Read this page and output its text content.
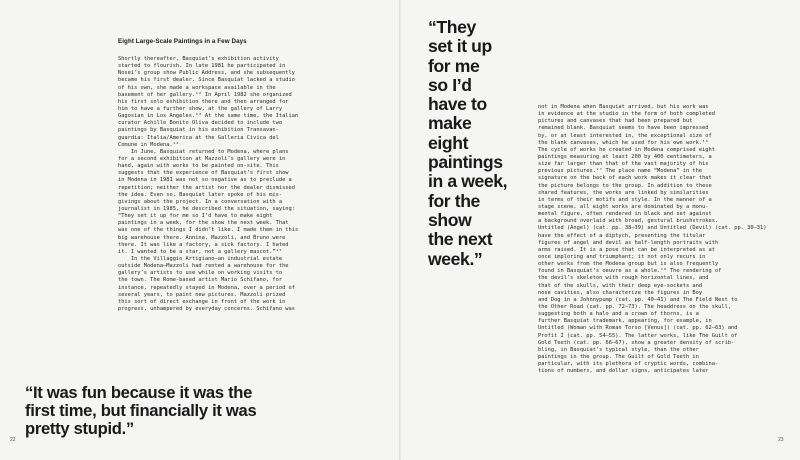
Eight Large-Scale Paintings in a Few Days
Shortly thereafter, Basquiat’s exhibition activity
started to flourish. In late 1981 he participated in
Nosei’s group show Public Address, and she subsequently
became his first dealer. Since Basquiat lacked a studio
of his own, she made a workspace available in the
basement of her gallery.¹² In April 1982 she organized
his first solo exhibition there and then arranged for
him to have a further show, at the gallery of Larry
Gagosian in Los Angeles.¹³ At the same time, the Italian
curator Achille Bonito Oliva decided to include two
paintings by Basquiat in his exhibition Transavan-
guardia: Italia/America at the Galleria Civica del
Comune in Modena.¹⁴
In June, Basquiat returned to Modena, where plans
for a second exhibition at Mazzoli’s gallery were in
hand, again with works to be painted on-site. This
suggests that the experience of Basquiat’s first show
in Modena in 1981 was not so negative as to preclude a
repetition; neither the artist nor the dealer dismissed
the idea. Even so, Basquiat later spoke of his mis-
givings about the project. In a conversation with a
journalist in 1985, he described the situation, saying:
“They set it up for me so I’d have to make eight
paintings in a week, for the show the next week. That
was one of the things I didn’t like. I made them in this
big warehouse there. Annina, Mazzoli, and Bruno were
there. It was like a factory, a sick factory. I hated
it. I wanted to be a star, not a gallery mascot.”¹⁵
In the Villaggio Artigiano—an industrial estate
outside Modena—Mazzoli had rented a warehouse for the
gallery’s artists to use while on working visits to
the town. The Rome-based artist Mario Schifano, for
instance, repeatedly stayed in Modena, over a period of
several years, to paint new pictures. Mazzoli prized
this sort of direct exchange in front of the work in
progress, unhampered by everyday concerns. Schifano was
“It was fun because it was the
first time, but financially it was
pretty stupid.”
22
“They
set it up
for me
so I’d
have to
make
eight
paintings
in a week,
for the
show
the next
week.”
not in Modena when Basquiat arrived, but his work was
in evidence at the studio in the form of both completed
pictures and canvases that had been prepared but
remained blank. Basquiat seems to have been impressed
by, or at least interested in, the exceptional size of
the blank canvases, which he used for his own work.¹⁶
The cycle of works he created in Modena comprised eight
paintings measuring at least 200 by 400 centimeters, a
size far larger than that of the vast majority of his
previous pictures.¹⁷ The place name “Modena” in the
signature on the back of each work makes it clear that
the picture belongs to the group. In addition to these
shared features, the works are linked by similarities
in terms of their motifs and style. In the manner of a
stage scene, all eight works are dominated by a monu-
mental figure, often rendered in black and set against
a background overlaid with broad, gestural brushstrokes.
Untitled (Angel) (cat. pp. 38–39) and Untitled (Devil) (cat. pp. 30–31)
have the effect of a diptych, presenting the titular
figures of angel and devil as half-length portraits with
arms raised. It is a pose that can be interpreted as at
once imploring and triumphant; it not only recurs in
other works from the Modena group but is also frequently
found in Basquiat’s oeuvre as a whole.¹⁸ The rendering of
the devil’s skeleton with rough horizontal lines, and
that of the skulls, with their deep eye-sockets and
nose cavities, also characterize the figures in Boy
and Dog in a Johnnypump (cat. pp. 40–41) and The Field Next to
the Other Road (cat. pp. 72–73). The headdress on the skull,
suggesting both a halo and a crown of thorns, is a
further Basquiat trademark, appearing, for example, in
Untitled (Woman with Roman Torso [Venus]) (cat. pp. 62–63) and
Profit I (cat. pp. 54–55). The latter works, like The Guilt of
Gold Teeth (cat. pp. 66–67), show a greater density of scrib-
bling, in Basquiat’s typical style, than the other
paintings in the group. The Guilt of Gold Teeth in
particular, with its plethora of cryptic words, combina-
tions of numbers, and dollar signs, anticipates later
23
